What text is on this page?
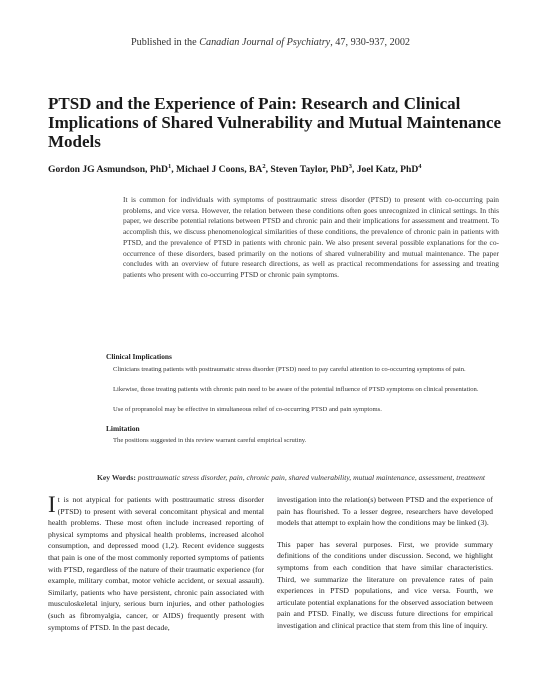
Published in the Canadian Journal of Psychiatry, 47, 930-937, 2002
PTSD and the Experience of Pain: Research and Clinical Implications of Shared Vulnerability and Mutual Maintenance Models
Gordon JG Asmundson, PhD$^1$, Michael J Coons, $BA^2$, Steven Taylor, PhD$^3$, Joel Katz, PhD$^4$
It is common for individuals with symptoms of posttraumatic stress disorder (PTSD) to present with co-occurring pain problems, and vice versa. However, the relation between these conditions often goes unrecognized in clinical settings. In this paper, we describe potential relations between PTSD and chronic pain and their implications for assessment and treatment. To accomplish this, we discuss phenomenological similarities of these conditions, the prevalence of chronic pain in patients with PTSD, and the prevalence of PTSD in patients with chronic pain. We also present several possible explanations for the co-occurrence of these disorders, based primarily on the notions of shared vulnerability and mutual maintenance. The paper concludes with an overview of future research directions, as well as practical recommendations for assessing and treating patients who present with co-occurring PTSD or chronic pain symptoms.
Clinical Implications
Clinicians treating patients with posttraumatic stress disorder (PTSD) need to pay careful attention to co-occurring symptoms of pain.
Likewise, those treating patients with chronic pain need to be aware of the potential influence of PTSD symptoms on clinical presentation.
Use of propranolol may be effective in simultaneous relief of co-occurring PTSD and pain symptoms.
Limitation
The positions suggested in this review warrant careful empirical scrutiny.
Key Words: posttraumatic stress disorder, pain, chronic pain, shared vulnerability, mutual maintenance, assessment, treatment
It is not atypical for patients with posttraumatic stress disorder (PTSD) to present with several concomitant physical and mental health problems. These most often include increased reporting of physical symptoms and physical health problems, increased alcohol consumption, and depressed mood (1,2). Recent evidence suggests that pain is one of the most commonly reported symptoms of patients with PTSD, regardless of the nature of their traumatic experience (for example, military combat, motor vehicle accident, or sexual assault). Similarly, patients who have persistent, chronic pain associated with musculoskeletal injury, serious burn injuries, and other pathologies (such as fibromyalgia, cancer, or AIDS) frequently present with symptoms of PTSD. In the past decade,
investigation into the relation(s) between PTSD and the experience of pain has flourished. To a lesser degree, researchers have developed models that attempt to explain how the conditions may be linked (3).
This paper has several purposes. First, we provide summary definitions of the conditions under discussion. Second, we highlight symptoms from each condition that have similar characteristics. Third, we summarize the literature on prevalence rates of pain experiences in PTSD populations, and vice versa. Fourth, we articulate potential explanations for the observed association between pain and PTSD. Finally, we discuss future directions for empirical investigation and clinical practice that stem from this line of inquiry.
